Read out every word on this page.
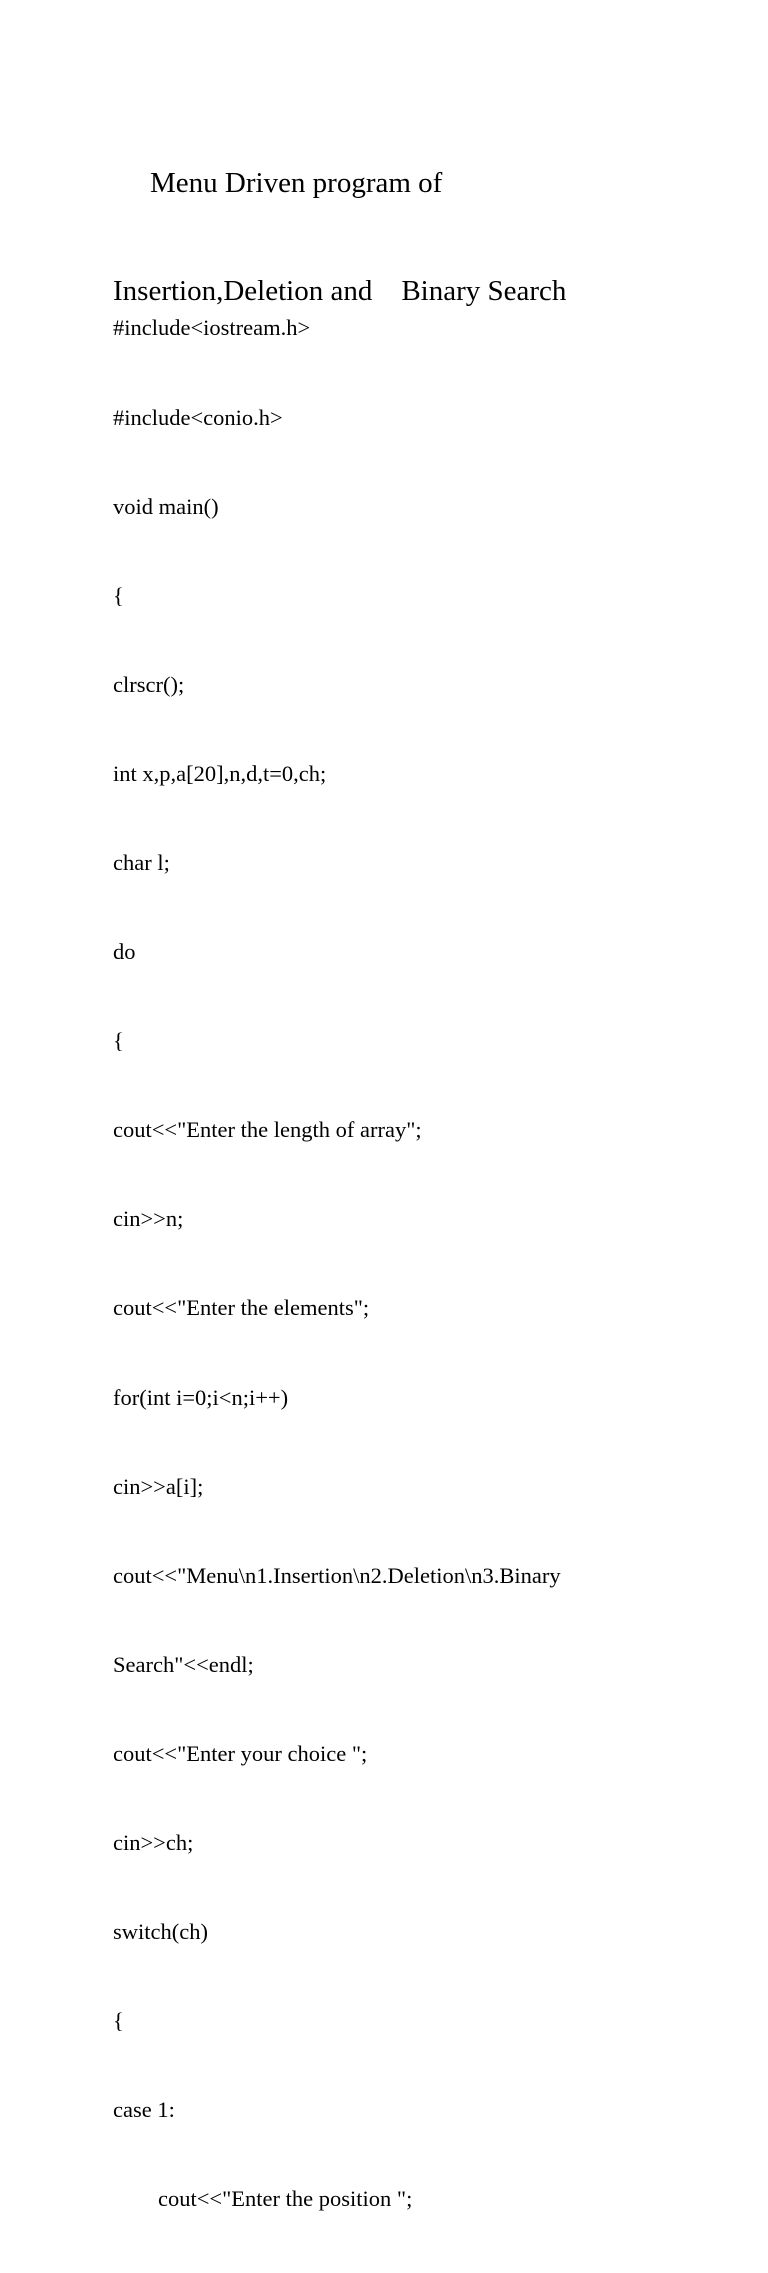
Menu Driven program of

Insertion,Deletion and    Binary Search

#include<iostream.h>

#include<conio.h>

void main()

{

clrscr();

int x,p,a[20],n,d,t=0,ch;

char l;

do

{

cout<<"Enter the length of array";

cin>>n;

cout<<"Enter the elements";

for(int i=0;i<n;i++)

cin>>a[i];

cout<<"Menu\n1.Insertion\n2.Deletion\n3.Binary

Search"<<endl;

cout<<"Enter your choice ";

cin>>ch;

switch(ch)

{

case 1:

cout<<"Enter the position ";
